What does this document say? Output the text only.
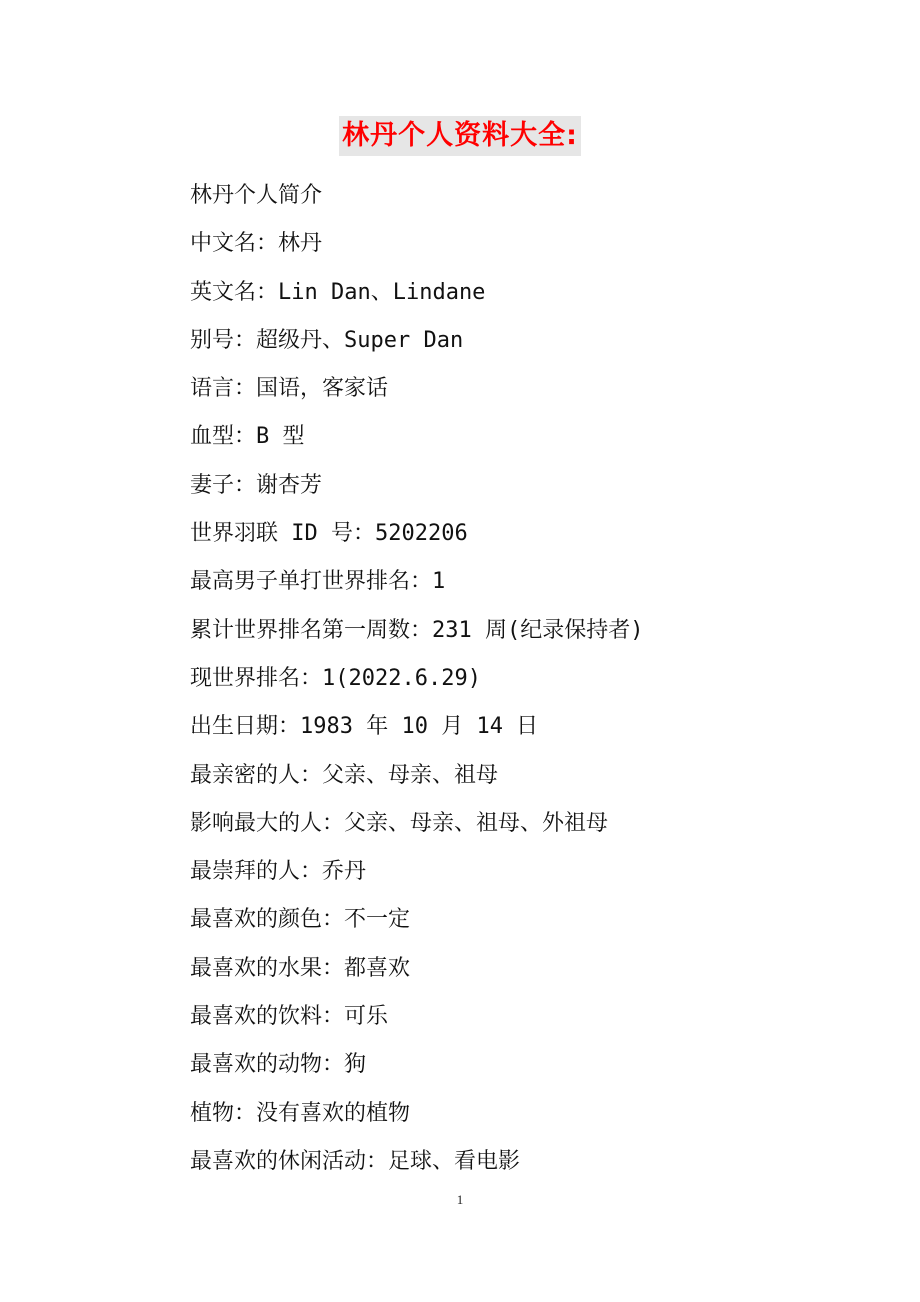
林丹个人资料大全:
林丹个人简介
中文名：林丹
英文名：Lin Dan、Lindane
别号：超级丹、Super Dan
语言：国语，客家话
血型：B 型
妻子：谢杏芳
世界羽联 ID 号：5202206
最高男子单打世界排名：1
累计世界排名第一周数：231 周(纪录保持者)
现世界排名：1(2022.6.29)
出生日期：1983 年 10 月 14 日
最亲密的人：父亲、母亲、祖母
影响最大的人：父亲、母亲、祖母、外祖母
最崇拜的人：乔丹
最喜欢的颜色：不一定
最喜欢的水果：都喜欢
最喜欢的饮料：可乐
最喜欢的动物：狗
植物：没有喜欢的植物
最喜欢的休闲活动：足球、看电影
1
